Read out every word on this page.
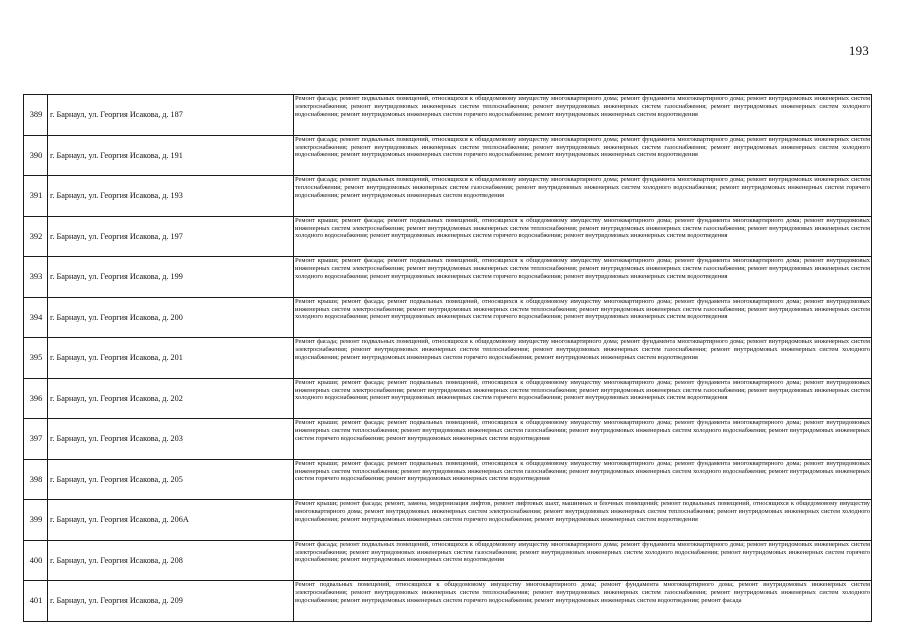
193
389	г. Барнаул, ул. Георгия Исакова, д. 187	Ремонт фасада; ремонт подвальных помещений, относящихся к общедомовому имуществу многоквартирного дома; ремонт фундамента многоквартирного дома; ремонт внутридомовых инженерных систем электроснабжения; ремонт внутридомовых инженерных систем теплоснабжения; ремонт внутридомовых инженерных систем газоснабжения; ремонт внутридомовых инженерных систем холодного водоснабжения; ремонт внутридомовых инженерных систем горячего водоснабжения; ремонт внутридомовых инженерных систем водоотведения

390	г. Барнаул, ул. Георгия Исакова, д. 191	Ремонт фасада; ремонт подвальных помещений, относящихся к общедомовому имуществу многоквартирного дома; ремонт фундамента многоквартирного дома; ремонт внутридомовых инженерных систем электроснабжения; ремонт внутридомовых инженерных систем теплоснабжения; ремонт внутридомовых инженерных систем газоснабжения; ремонт внутридомовых инженерных систем холодного водоснабжения; ремонт внутридомовых инженерных систем горячего водоснабжения; ремонт внутридомовых инженерных систем водоотведения

391	г. Барнаул, ул. Георгия Исакова, д. 193	Ремонт фасада; ремонт подвальных помещений, относящихся к общедомовому имуществу многоквартирного дома; ремонт фундамента многоквартирного дома; ремонт внутридомовых инженерных систем теплоснабжения; ремонт внутридомовых инженерных систем газоснабжения; ремонт внутридомовых инженерных систем холодного водоснабжения; ремонт внутридомовых инженерных систем горячего водоснабжения; ремонт внутридомовых инженерных систем водоотведения

392	г. Барнаул, ул. Георгия Исакова, д. 197	Ремонт крыши; ремонт фасада; ремонт подвальных помещений, относящихся к общедомовому имуществу многоквартирного дома; ремонт фундамента многоквартирного дома; ремонт внутридомовых инженерных систем электроснабжения; ремонт внутридомовых инженерных систем теплоснабжения; ремонт внутридомовых инженерных систем газоснабжения; ремонт внутридомовых инженерных систем холодного водоснабжения; ремонт внутридомовых инженерных систем горячего водоснабжения; ремонт внутридомовых инженерных систем водоотведения

393	г. Барнаул, ул. Георгия Исакова, д. 199	Ремонт крыши; ремонт фасада; ремонт подвальных помещений, относящихся к общедомовому имуществу многоквартирного дома; ремонт фундамента многоквартирного дома; ремонт внутридомовых инженерных систем электроснабжения; ремонт внутридомовых инженерных систем теплоснабжения; ремонт внутридомовых инженерных систем газоснабжения; ремонт внутридомовых инженерных систем холодного водоснабжения; ремонт внутридомовых инженерных систем горячего водоснабжения; ремонт внутридомовых инженерных систем водоотведения

394	г. Барнаул, ул. Георгия Исакова, д. 200	Ремонт крыши; ремонт фасада; ремонт подвальных помещений, относящихся к общедомовому имуществу многоквартирного дома; ремонт фундамента многоквартирного дома; ремонт внутридомовых инженерных систем электроснабжения; ремонт внутридомовых инженерных систем теплоснабжения; ремонт внутридомовых инженерных систем газоснабжения; ремонт внутридомовых инженерных систем холодного водоснабжения; ремонт внутридомовых инженерных систем горячего водоснабжения; ремонт внутридомовых инженерных систем водоотведения

395	г. Барнаул, ул. Георгия Исакова, д. 201	Ремонт фасада; ремонт подвальных помещений, относящихся к общедомовому имуществу многоквартирного дома; ремонт фундамента многоквартирного дома; ремонт внутридомовых инженерных систем электроснабжения; ремонт внутридомовых инженерных систем теплоснабжения; ремонт внутридомовых инженерных систем газоснабжения; ремонт внутридомовых инженерных систем холодного водоснабжения; ремонт внутридомовых инженерных систем горячего водоснабжения; ремонт внутридомовых инженерных систем водоотведения

396	г. Барнаул, ул. Георгия Исакова, д. 202	Ремонт крыши; ремонт фасада; ремонт подвальных помещений, относящихся к общедомовому имуществу многоквартирного дома; ремонт фундамента многоквартирного дома; ремонт внутридомовых инженерных систем электроснабжения; ремонт внутридомовых инженерных систем теплоснабжения; ремонт внутридомовых инженерных систем газоснабжения; ремонт внутридомовых инженерных систем холодного водоснабжения; ремонт внутридомовых инженерных систем горячего водоснабжения; ремонт внутридомовых инженерных систем водоотведения

397	г. Барнаул, ул. Георгия Исакова, д. 203	Ремонт крыши; ремонт фасада; ремонт подвальных помещений, относящихся к общедомовому имуществу многоквартирного дома; ремонт фундамента многоквартирного дома; ремонт внутридомовых инженерных систем теплоснабжения; ремонт внутридомовых инженерных систем газоснабжения; ремонт внутридомовых инженерных систем холодного водоснабжения; ремонт внутридомовых инженерных систем горячего водоснабжения; ремонт внутридомовых инженерных систем водоотведения

398	г. Барнаул, ул. Георгия Исакова, д. 205	Ремонт крыши; ремонт фасада; ремонт подвальных помещений, относящихся к общедомовому имуществу многоквартирного дома; ремонт фундамента многоквартирного дома; ремонт внутридомовых инженерных систем теплоснабжения; ремонт внутридомовых инженерных систем газоснабжения; ремонт внутридомовых инженерных систем холодного водоснабжения; ремонт внутридомовых инженерных систем горячего водоснабжения; ремонт внутридомовых инженерных систем водоотведения

399	г. Барнаул, ул. Георгия Исакова, д. 206А	Ремонт крыши; ремонт фасада; ремонт, замена, модернизация лифтов, ремонт лифтовых шахт, машинных и блочных помещений; ремонт подвальных помещений, относящихся к общедомовому имуществу многоквартирного дома; ремонт внутридомовых инженерных систем электроснабжения; ремонт внутридомовых инженерных систем теплоснабжения; ремонт внутридомовых инженерных систем холодного водоснабжения; ремонт внутридомовых инженерных систем горячего водоснабжения; ремонт внутридомовых инженерных систем водоотведения

400	г. Барнаул, ул. Георгия Исакова, д. 208	Ремонт фасада; ремонт подвальных помещений, относящихся к общедомовому имуществу многоквартирного дома; ремонт фундамента многоквартирного дома; ремонт внутридомовых инженерных систем электроснабжения; ремонт внутридомовых инженерных систем газоснабжения; ремонт внутридомовых инженерных систем холодного водоснабжения; ремонт внутридомовых инженерных систем горячего водоснабжения; ремонт внутридомовых инженерных систем водоотведения

401	г. Барнаул, ул. Георгия Исакова, д. 209	Ремонт подвальных помещений, относящихся к общедомовому имуществу многоквартирного дома; ремонт фундамента многоквартирного дома; ремонт внутридомовых инженерных систем электроснабжения; ремонт внутридомовых инженерных систем теплоснабжения; ремонт внутридомовых инженерных систем газоснабжения; ремонт внутридомовых инженерных систем холодного водоснабжения; ремонт внутридомовых инженерных систем горячего водоснабжения; ремонт внутридомовых инженерных систем водоотведения; ремонт фасада
